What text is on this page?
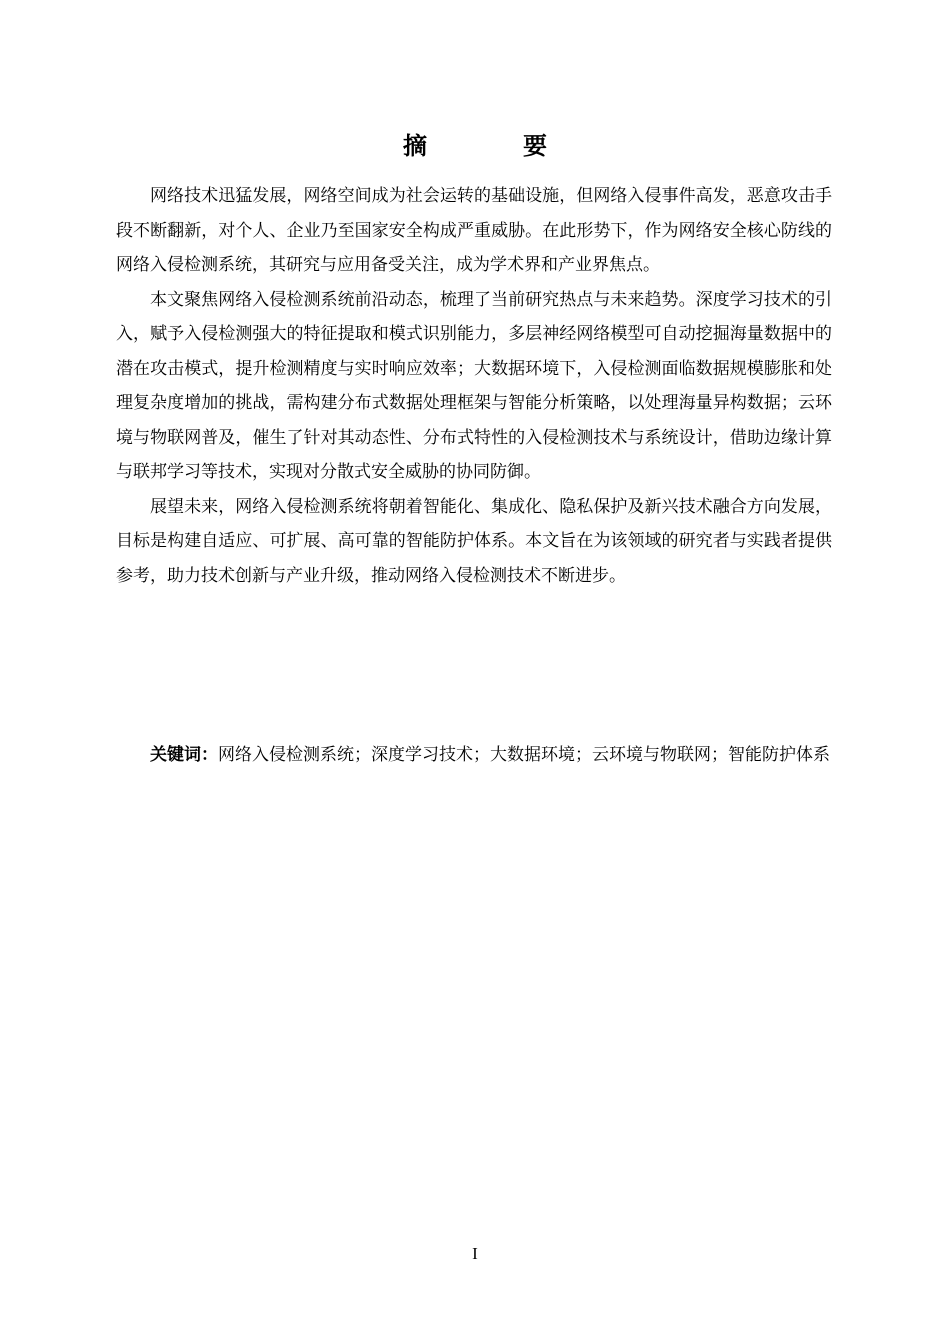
摘　要

网络技术迅猛发展，网络空间成为社会运转的基础设施，但网络入侵事件高发，恶意攻击手段不断翻新，对个人、企业乃至国家安全构成严重威胁。在此形势下，作为网络安全核心防线的网络入侵检测系统，其研究与应用备受关注，成为学术界和产业界焦点。

本文聚焦网络入侵检测系统前沿动态，梳理了当前研究热点与未来趋势。深度学习技术的引入，赋予入侵检测强大的特征提取和模式识别能力，多层神经网络模型可自动挖掘海量数据中的潜在攻击模式，提升检测精度与实时响应效率；大数据环境下，入侵检测面临数据规模膨胀和处理复杂度增加的挑战，需构建分布式数据处理框架与智能分析策略，以处理海量异构数据；云环境与物联网普及，催生了针对其动态性、分布式特性的入侵检测技术与系统设计，借助边缘计算与联邦学习等技术，实现对分散式安全威胁的协同防御。

展望未来，网络入侵检测系统将朝着智能化、集成化、隐私保护及新兴技术融合方向发展，目标是构建自适应、可扩展、高可靠的智能防护体系。本文旨在为该领域的研究者与实践者提供参考，助力技术创新与产业升级，推动网络入侵检测技术不断进步。

关键词：网络入侵检测系统；深度学习技术；大数据环境；云环境与物联网；智能防护体系
I
